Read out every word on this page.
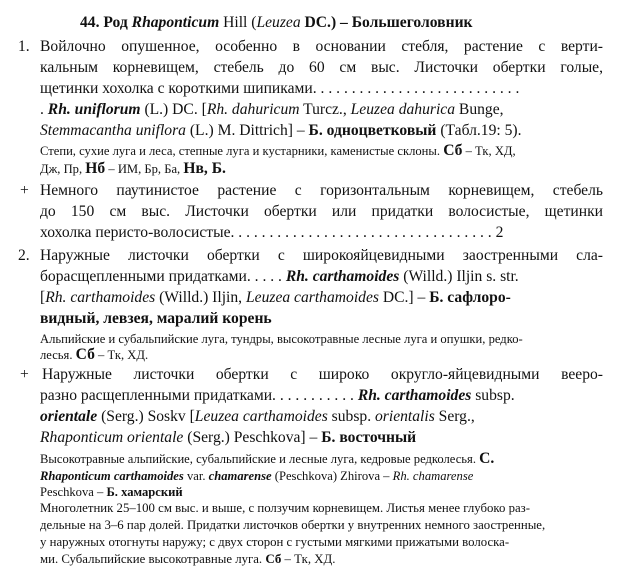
44. Род Rhaponticum Hill (Leuzea DC.) – Большеголовник
1. Войлочно опушенное, особенно в основании стебля, растение с верти-
кальным корневищем, стебель до 60 см выс. Листочки обертки голые,
щетинки хохолка с короткими шипиками. . . . . . . . . . . . . . . . . . . . . . . . . . .
. Rh. uniflorum (L.) DC. [Rh. dahuricum Turcz., Leuzea dahurica Bunge,
Stemmacantha uniflora (L.) M. Dittrich] – Б. одноцветковый (Табл.19: 5).
Степи, сухие луга и леса, степные луга и кустарники, каменистые склоны. Сб – Тк, ХД,
Дж, Пр, Нб – ИМ, Бр, Ба, Нв, Б.
+ Немного паутинистое растение с горизонтальным корневищем, стебель
до 150 см выс. Листочки обертки или придатки волосистые, щетинки
хохолка перисто-волосистые. . . . . . . . . . . . . . . . . . . . . . . . . . . . . . . . . . 2
2. Наружные листочки обертки с широкояйцевидными заостренными сла-
борасщепленными придатками. . . . . Rh. carthamoides (Willd.) Iljin s. str.
[Rh. carthamoides (Willd.) Iljin, Leuzea carthamoides DC.] – Б. сафлоро-
видный, левзея, маралий корень
Альпийские и субальпийские луга, тундры, высокотравные лесные луга и опушки, редко-
лесья. Сб – Тк, ХД.
+ Наружные листочки обертки с широко округло-яйцевидными вееро-
разно расщепленными придатками. . . . . . . . . . . Rh. carthamoides subsp.
orientale (Serg.) Soskv [Leuzea carthamoides subsp. orientalis Serg.,
Rhaponticum orientale (Serg.) Peschkova] – Б. восточный
Высокотравные альпийские, субальпийские и лесные луга, кедровые редколесья. С.
Rhaponticum carthamoides var. chamarense (Peschkova) Zhirova – Rh. chamarense
Peschkova – Б. хамарский
Многолетник 25–100 см выс. и выше, с ползучим корневищем. Листья менее глубоко раз-
дельные на 3–6 пар долей. Придатки листочков обертки у внутренних немного заостренные,
у наружных отогнуты наружу; с двух сторон с густыми мягкими прижатыми волоска-
ми. Субальпийские высокотравные луга. Сб – Тк, ХД.
